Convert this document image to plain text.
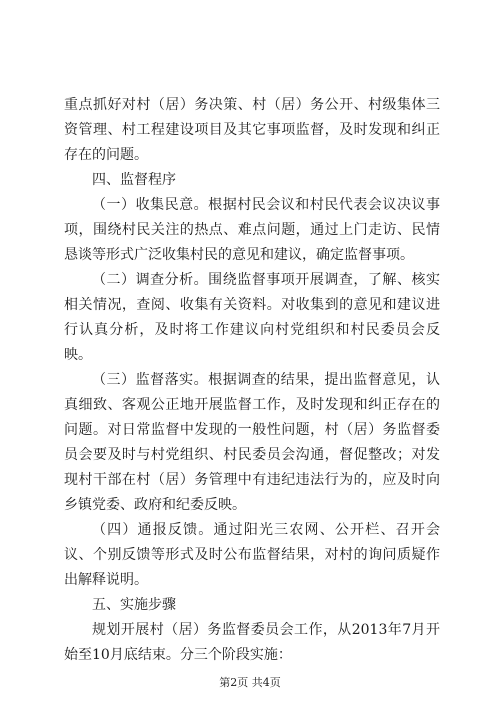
重点抓好对村（居）务决策、村（居）务公开、村级集体三资管理、村工程建设项目及其它事项监督，及时发现和纠正存在的问题。

四、监督程序

（一）收集民意。根据村民会议和村民代表会议决议事项，围绕村民关注的热点、难点问题，通过上门走访、民情恳谈等形式广泛收集村民的意见和建议，确定监督事项。

（二）调查分析。围绕监督事项开展调查，了解、核实相关情况，查阅、收集有关资料。对收集到的意见和建议进行认真分析，及时将工作建议向村党组织和村民委员会反映。

（三）监督落实。根据调查的结果，提出监督意见，认真细致、客观公正地开展监督工作，及时发现和纠正存在的问题。对日常监督中发现的一般性问题，村（居）务监督委员会要及时与村党组织、村民委员会沟通，督促整改；对发现村干部在村（居）务管理中有违纪违法行为的，应及时向乡镇党委、政府和纪委反映。

（四）通报反馈。通过阳光三农网、公开栏、召开会议、个别反馈等形式及时公布监督结果，对村的询问质疑作出解释说明。

五、实施步骤

规划开展村（居）务监督委员会工作，从2013年7月开始至10月底结束。分三个阶段实施：

第2页 共4页
